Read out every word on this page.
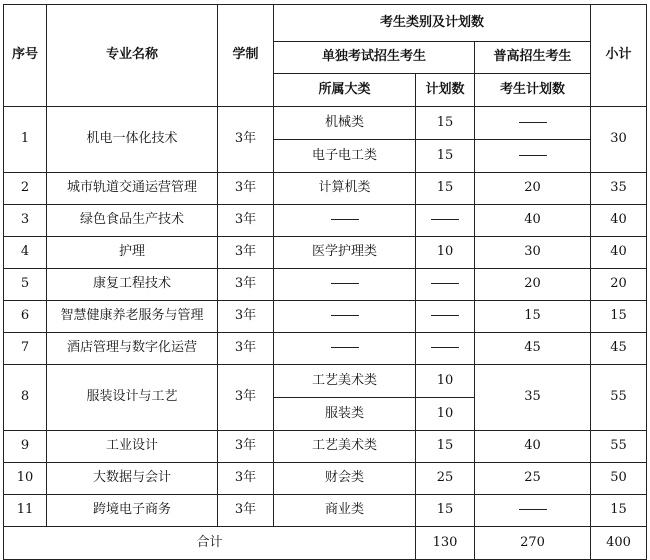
序号	专业名称	学制	考生类别及计划数			小计
			单独考试招生考生		普高招生考生	
			所属大类	计划数	考生计划数	
1	机电一体化技术	3年	机械类	15		30
			电子电工类	15		
2	城市轨道交通运营管理	3年	计算机类	15	20	35
3	绿色食品生产技术	3年			40	40
4	护理	3年	医学护理类	10	30	40
5	康复工程技术	3年			20	20
6	智慧健康养老服务与管理	3年			15	15
7	酒店管理与数字化运营	3年			45	45
8	服装设计与工艺	3年	工艺美术类	10	35	55
			服装类	10		
9	工业设计	3年	工艺美术类	15	40	55
10	大数据与会计	3年	财会类	25	25	50
11	跨境电子商务	3年	商业类	15		15
合计				130	270	400
